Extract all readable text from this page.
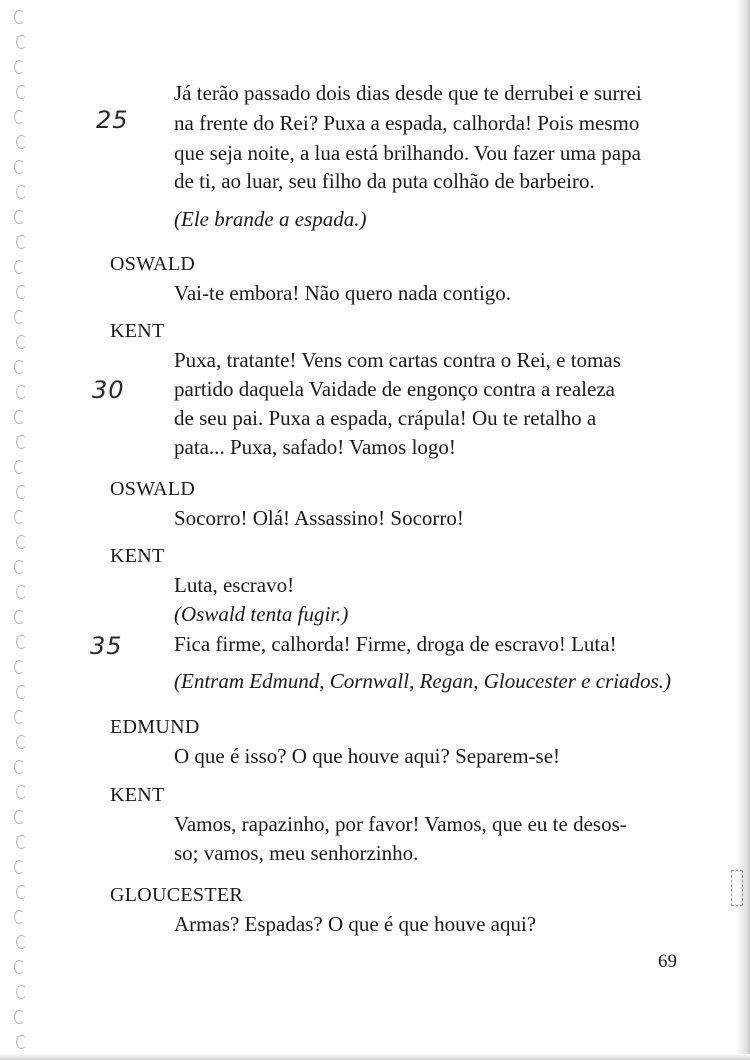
25
30
35
Já terão passado dois dias desde que te derrubei e surrei
na frente do Rei? Puxa a espada, calhorda! Pois mesmo
que seja noite, a lua está brilhando. Vou fazer uma papa
de ti, ao luar, seu filho da puta colhão de barbeiro.
(Ele brande a espada.)
OSWALD
Vai-te embora! Não quero nada contigo.
KENT
Puxa, tratante! Vens com cartas contra o Rei, e tomas
partido daquela Vaidade de engonço contra a realeza
de seu pai. Puxa a espada, crápula! Ou te retalho a
pata... Puxa, safado! Vamos logo!
OSWALD
Socorro! Olá! Assassino! Socorro!
KENT
Luta, escravo!
(Oswald tenta fugir.)
Fica firme, calhorda! Firme, droga de escravo! Luta!
(Entram Edmund, Cornwall, Regan, Gloucester e criados.)
EDMUND
O que é isso? O que houve aqui? Separem-se!
KENT
Vamos, rapazinho, por favor! Vamos, que eu te desos-
so; vamos, meu senhorzinho.
GLOUCESTER
Armas? Espadas? O que é que houve aqui?
69
